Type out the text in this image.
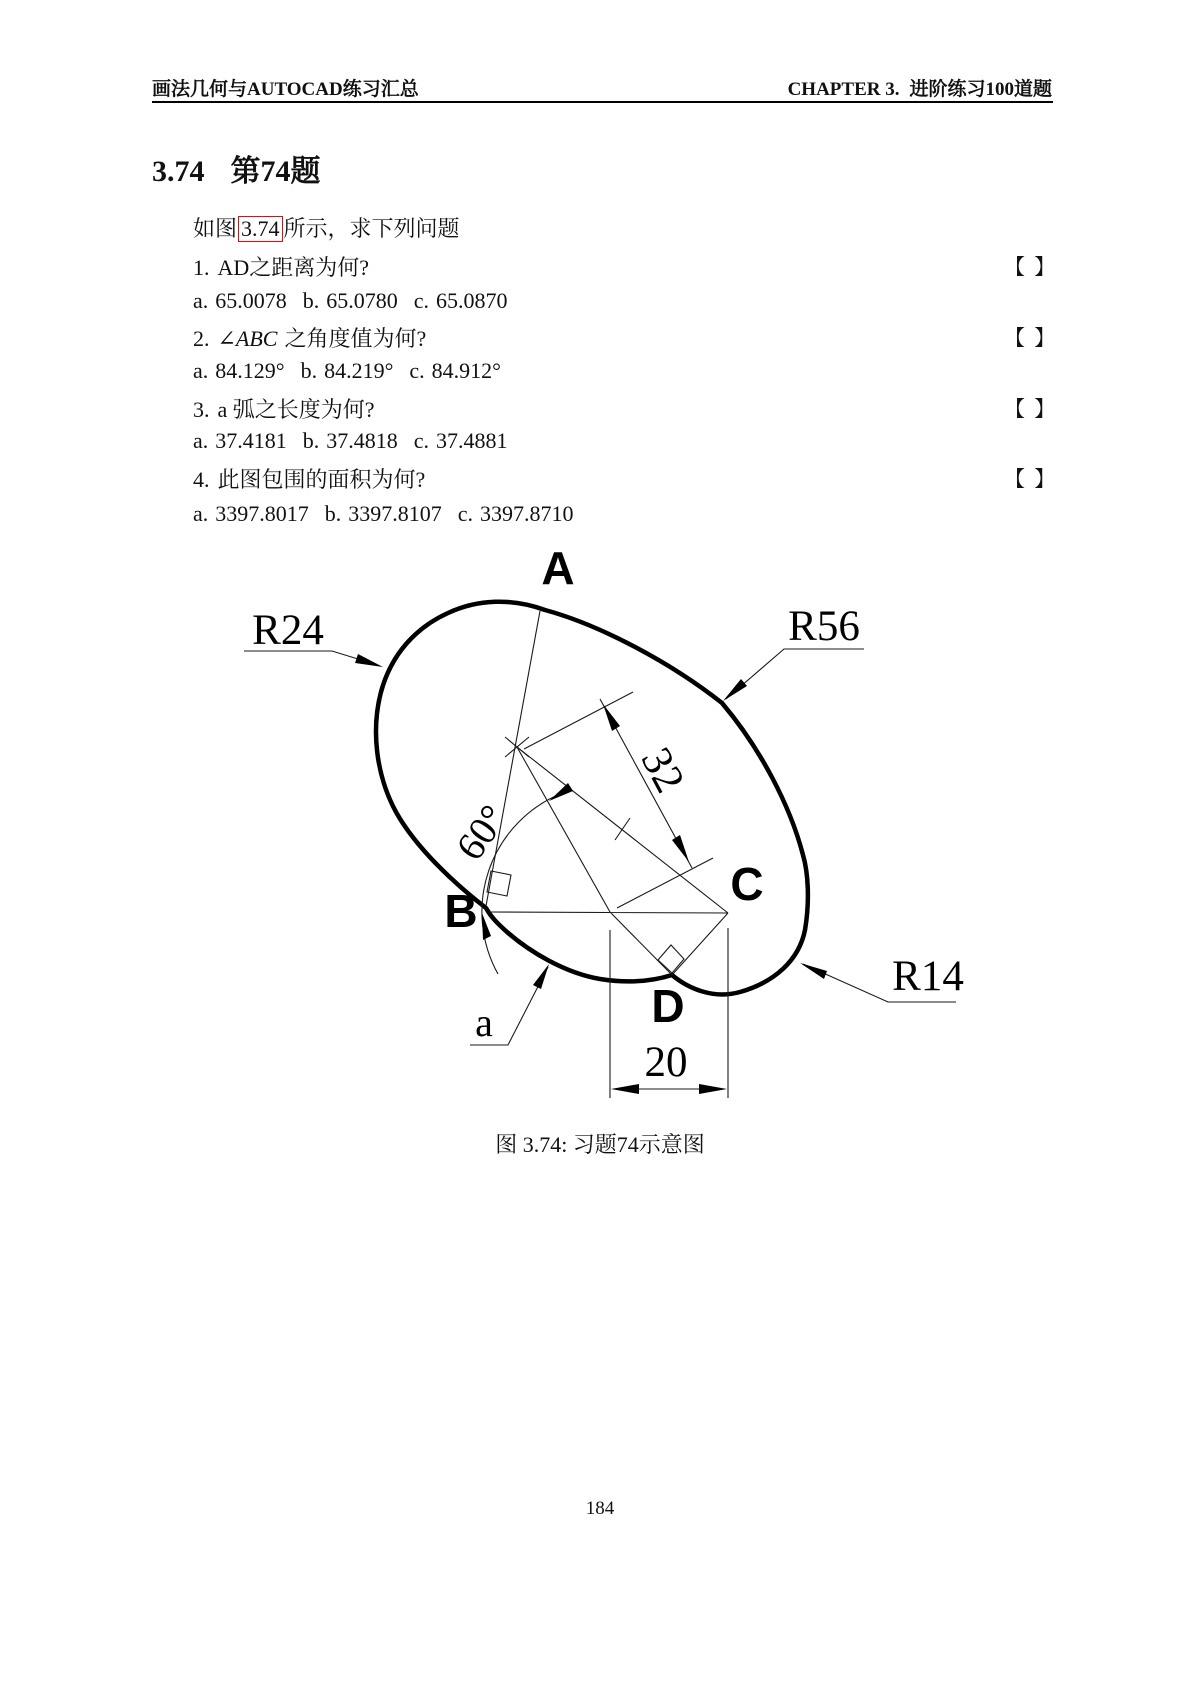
画法几何与AUTOCAD练习汇总	CHAPTER 3. 进阶练习100道题
3.74 第74题
如图 3.74 所示，求下列问题
1. AD之距离为何?	【 】
a. 65.0078 b. 65.0780 c. 65.0870
2. ∠ABC 之角度值为何?	【 】
a. 84.129° b. 84.219° c. 84.912°
3. a 弧之长度为何?	【 】
a. 37.4181 b. 37.4818 c. 37.4881
4. 此图包围的面积为何?	【 】
a. 3397.8017 b. 3397.8107 c. 3397.8710
A
B
C
D
R24	R56
R14
a
60°
32
20
图 3.74: 习题74示意图
184
